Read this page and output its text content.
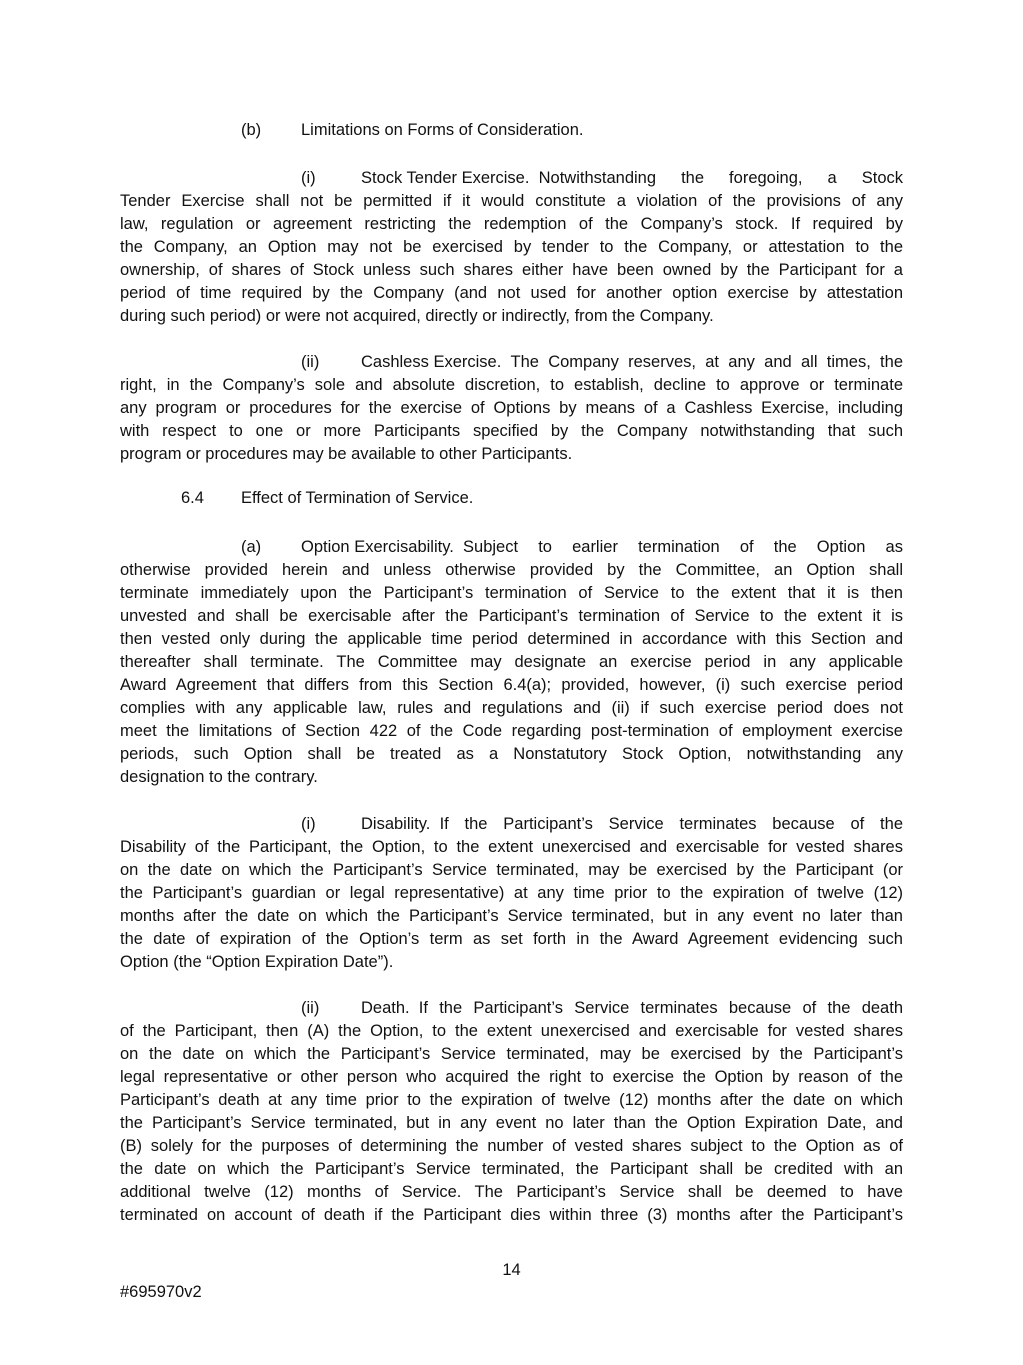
(b) Limitations on Forms of Consideration.
(i)	Stock Tender Exercise. Notwithstanding the foregoing, a Stock
Tender Exercise shall not be permitted if it would constitute a violation of the provisions of any
law, regulation or agreement restricting the redemption of the Company’s stock. If required by
the Company, an Option may not be exercised by tender to the Company, or attestation to the
ownership, of shares of Stock unless such shares either have been owned by the Participant for a
period of time required by the Company (and not used for another option exercise by attestation
during such period) or were not acquired, directly or indirectly, from the Company.
(ii)	Cashless Exercise. The Company reserves, at any and all times, the
right, in the Company’s sole and absolute discretion, to establish, decline to approve or terminate
any program or procedures for the exercise of Options by means of a Cashless Exercise, including
with respect to one or more Participants specified by the Company notwithstanding that such
program or procedures may be available to other Participants.
6.4 Effect of Termination of Service.
(a) Option Exercisability. Subject to earlier termination of the Option as
otherwise provided herein and unless otherwise provided by the Committee, an Option shall
terminate immediately upon the Participant’s termination of Service to the extent that it is then
unvested and shall be exercisable after the Participant’s termination of Service to the extent it is
then vested only during the applicable time period determined in accordance with this Section and
thereafter shall terminate. The Committee may designate an exercise period in any applicable
Award Agreement that differs from this Section 6.4(a); provided, however, (i) such exercise period
complies with any applicable law, rules and regulations and (ii) if such exercise period does not
meet the limitations of Section 422 of the Code regarding post-termination of employment exercise
periods, such Option shall be treated as a Nonstatutory Stock Option, notwithstanding any
designation to the contrary.
(i)	Disability. If the Participant’s Service terminates because of the
Disability of the Participant, the Option, to the extent unexercised and exercisable for vested shares
on the date on which the Participant’s Service terminated, may be exercised by the Participant (or
the Participant’s guardian or legal representative) at any time prior to the expiration of twelve (12)
months after the date on which the Participant’s Service terminated, but in any event no later than
the date of expiration of the Option’s term as set forth in the Award Agreement evidencing such
Option (the “Option Expiration Date”).
(ii)	Death. If the Participant’s Service terminates because of the death
of the Participant, then (A) the Option, to the extent unexercised and exercisable for vested shares
on the date on which the Participant’s Service terminated, may be exercised by the Participant’s
legal representative or other person who acquired the right to exercise the Option by reason of the
Participant’s death at any time prior to the expiration of twelve (12) months after the date on which
the Participant’s Service terminated, but in any event no later than the Option Expiration Date, and
(B) solely for the purposes of determining the number of vested shares subject to the Option as of
the date on which the Participant’s Service terminated, the Participant shall be credited with an
additional twelve (12) months of Service. The Participant’s Service shall be deemed to have
terminated on account of death if the Participant dies within three (3) months after the Participant’s
14
#695970v2
